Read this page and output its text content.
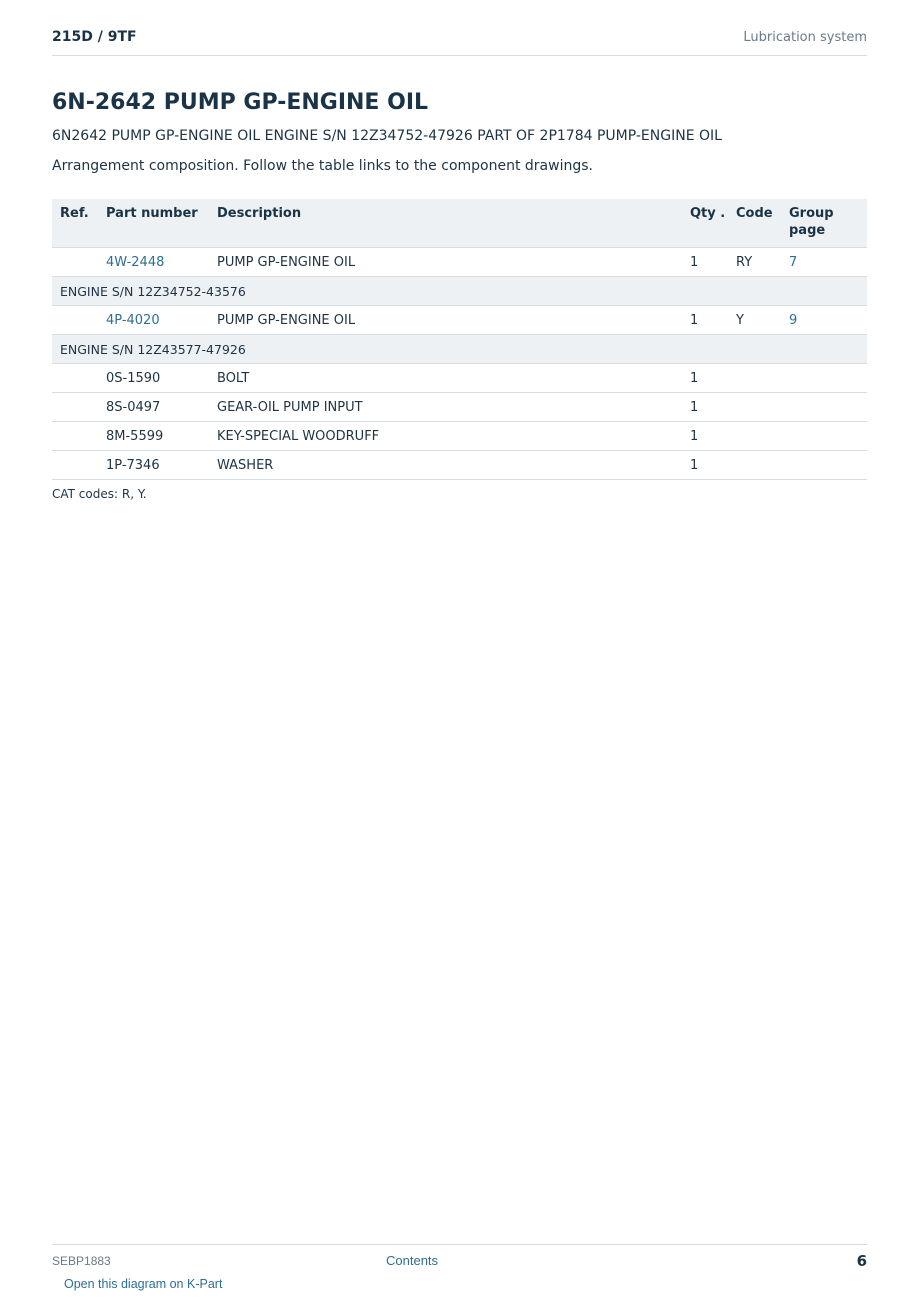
215D / 9TF	Lubrication system
6N-2642 PUMP GP-ENGINE OIL
6N2642 PUMP GP-ENGINE OIL ENGINE S/N 12Z34752-47926 PART OF 2P1784 PUMP-ENGINE OIL
Arrangement composition. Follow the table links to the component drawings.
Ref.	Part number	Description	Qty .	Code	Group page
	4W-2448	PUMP GP-ENGINE OIL	1	RY	7
ENGINE S/N 12Z34752-43576					
	4P-4020	PUMP GP-ENGINE OIL	1	Y	9
ENGINE S/N 12Z43577-47926					
	0S-1590	BOLT	1		
	8S-0497	GEAR-OIL PUMP INPUT	1		
	8M-5599	KEY-SPECIAL WOODRUFF	1		
	1P-7346	WASHER	1		
CAT codes: R, Y.
SEBP1883	Contents	6
Open this diagram on K-Part
